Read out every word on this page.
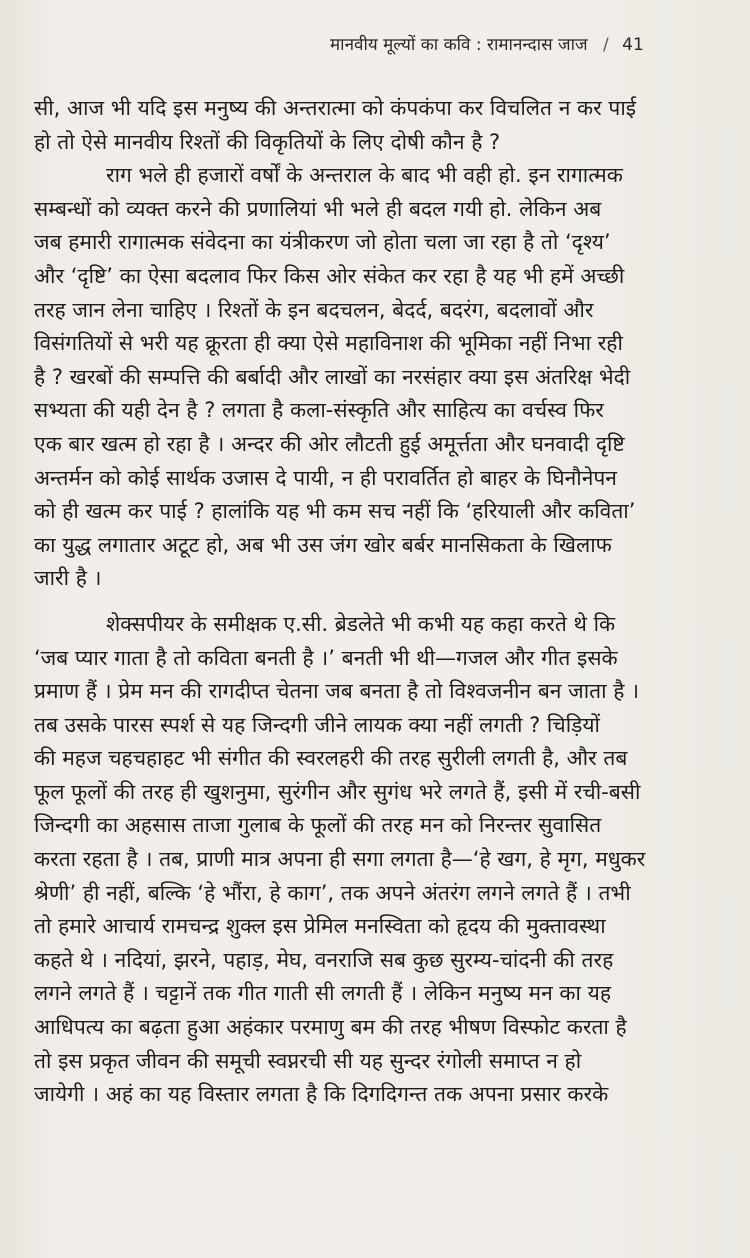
मानवीय मूल्यों का कवि : रामानन्दास जाज / 41

सी, आज भी यदि इस मनुष्य की अन्तरात्मा को कंपकंपा कर विचलित न कर पाई
हो तो ऐसे मानवीय रिश्तों की विकृतियों के लिए दोषी कौन है ?

राग भले ही हजारों वर्षों के अन्तराल के बाद भी वही हो. इन रागात्मक
सम्बन्धों को व्यक्त करने की प्रणालियां भी भले ही बदल गयी हो. लेकिन अब
जब हमारी रागात्मक संवेदना का यंत्रीकरण जो होता चला जा रहा है तो ‘दृश्य’
और ‘दृष्टि’ का ऐसा बदलाव फिर किस ओर संकेत कर रहा है यह भी हमें अच्छी
तरह जान लेना चाहिए । रिश्तों के इन बदचलन, बेदर्द, बदरंग, बदलावों और
विसंगतियों से भरी यह क्रूरता ही क्या ऐसे महाविनाश की भूमिका नहीं निभा रही
है ? खरबों की सम्पत्ति की बर्बादी और लाखों का नरसंहार क्या इस अंतरिक्ष भेदी
सभ्यता की यही देन है ? लगता है कला-संस्कृति और साहित्य का वर्चस्व फिर
एक बार खत्म हो रहा है । अन्दर की ओर लौटती हुई अमूर्त्तता और घनवादी दृष्टि
अन्तर्मन को कोई सार्थक उजास दे पायी, न ही परावर्तित हो बाहर के घिनौनेपन
को ही खत्म कर पाई ? हालांकि यह भी कम सच नहीं कि ‘हरियाली और कविता’
का युद्ध लगातार अटूट हो, अब भी उस जंग खोर बर्बर मानसिकता के खिलाफ
जारी है ।

शेक्सपीयर के समीक्षक ए.सी. ब्रेडलेते भी कभी यह कहा करते थे कि
‘जब प्यार गाता है तो कविता बनती है ।’ बनती भी थी—गजल और गीत इसके
प्रमाण हैं । प्रेम मन की रागदीप्त चेतना जब बनता है तो विश्वजनीन बन जाता है ।
तब उसके पारस स्पर्श से यह जिन्दगी जीने लायक क्या नहीं लगती ? चिड़ियों
की महज चहचहाहट भी संगीत की स्वरलहरी की तरह सुरीली लगती है, और तब
फूल फूलों की तरह ही खुशनुमा, सुरंगीन और सुगंध भरे लगते हैं, इसी में रची-बसी
जिन्दगी का अहसास ताजा गुलाब के फूलों की तरह मन को निरन्तर सुवासित
करता रहता है । तब, प्राणी मात्र अपना ही सगा लगता है—‘हे खग, हे मृग, मधुकर
श्रेणी’ ही नहीं, बल्कि ‘हे भौंरा, हे काग’, तक अपने अंतरंग लगने लगते हैं । तभी
तो हमारे आचार्य रामचन्द्र शुक्ल इस प्रेमिल मनस्विता को हृदय की मुक्तावस्था
कहते थे । नदियां, झरने, पहाड़, मेघ, वनराजि सब कुछ सुरम्य-चांदनी की तरह
लगने लगते हैं । चट्टानें तक गीत गाती सी लगती हैं । लेकिन मनुष्य मन का यह
आधिपत्य का बढ़ता हुआ अहंकार परमाणु बम की तरह भीषण विस्फोट करता है
तो इस प्रकृत जीवन की समूची स्वप्नरची सी यह सुन्दर रंगोली समाप्त न हो
जायेगी । अहं का यह विस्तार लगता है कि दिगदिगन्त तक अपना प्रसार करके
